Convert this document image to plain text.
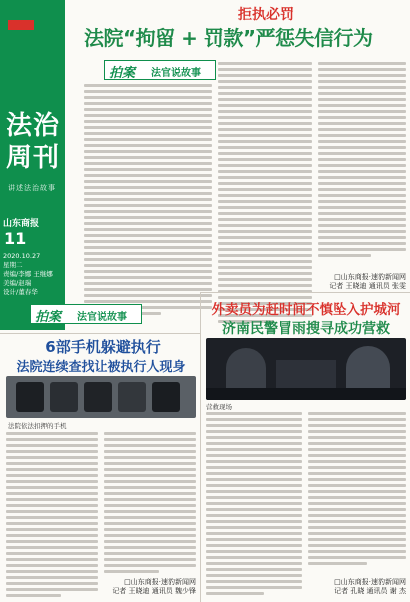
法治
周刊
讲述法治故事
山东商报
11
2020.10.27
星期二
责编/李娜 王继娜
美编/赵瑞
设计/董春华
拒执必罚
法院“拘留 + 罚款”严惩失信行为
拍案 法官说故事
□山东商报·速豹新闻网
记者 王晓迪 通讯员 张雯
拍案 法官说故事
6部手机躲避执行
法院连续查找让被执行人现身
法院依法扣押的手机
□山东商报·速豹新闻网
记者 王晓迪 通讯员 魏少锋
外卖员为赶时间不慎坠入护城河
济南民警冒雨搜寻成功营救
营救现场
□山东商报·速豹新闻网
记者 孔晓 通讯员 谢 杰
